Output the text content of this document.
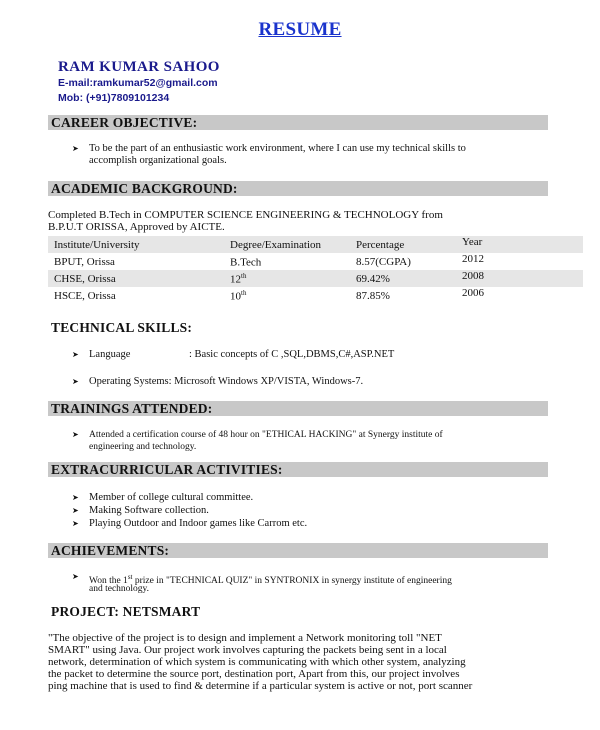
RESUME
RAM KUMAR SAHOO
E-mail:ramkumar52@gmail.com
Mob: (+91)7809101234
CAREER OBJECTIVE:
➤ To be the part of an enthusiastic work environment, where I can use my technical skills to
accomplish organizational goals.
ACADEMIC BACKGROUND:
Completed B.Tech in COMPUTER SCIENCE ENGINEERING & TECHNOLOGY from
B.P.U.T ORISSA, Approved by AICTE.
Institute/University	Degree/Examination	Percentage	Year
BPUT, Orissa	B.Tech	8.57(CGPA)	2012
CHSE, Orissa	12th	69.42%	2008
HSCE, Orissa	10th	87.85%	2006
TECHNICAL SKILLS:
➤ Language	: Basic concepts of C ,SQL,DBMS,C#,ASP.NET
➤ Operating Systems: Microsoft Windows XP/VISTA, Windows-7.
TRAININGS ATTENDED:
➤ Attended a certification course of 48 hour on "ETHICAL HACKING" at Synergy institute of
engineering and technology.
EXTRACURRICULAR ACTIVITIES:
➤ Member of college cultural committee.
➤ Making Software collection.
➤ Playing Outdoor and Indoor games like Carrom etc.
ACHIEVEMENTS:
➤ Won the 1st prize in "TECHNICAL QUIZ" in SYNTRONIX in synergy institute of engineering
and technology.
PROJECT: NETSMART
"The objective of the project is to design and implement a Network monitoring toll "NET
SMART" using Java. Our project work involves capturing the packets being sent in a local
network, determination of which system is communicating with which other system, analyzing
the packet to determine the source port, destination port, Apart from this, our project involves
ping machine that is used to find & determine if a particular system is active or not, port scanner
